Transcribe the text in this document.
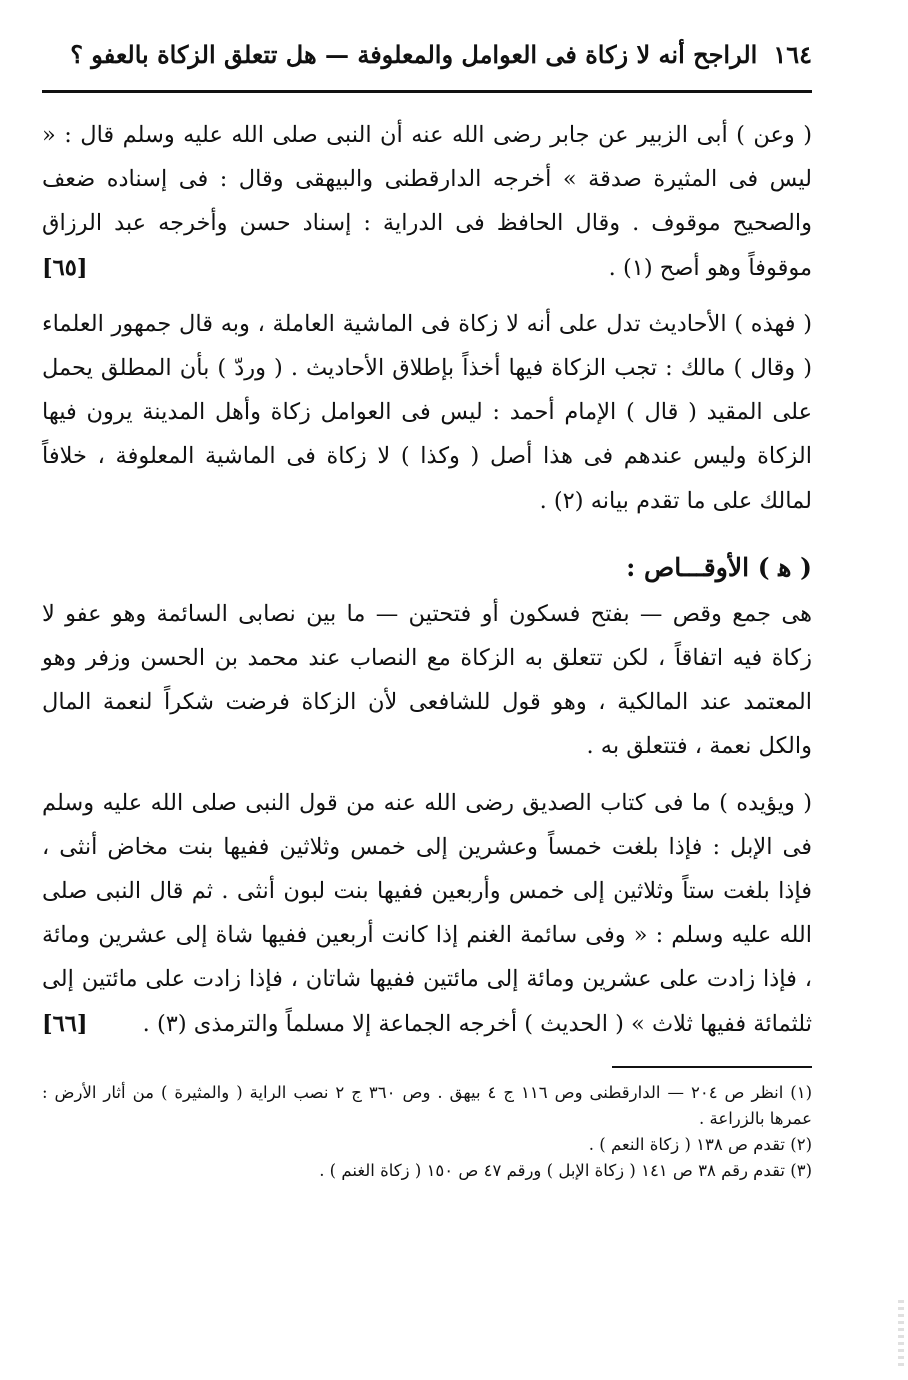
١٦٤
الراجح أنه لا زكاة فى العوامل والمعلوفة — هل تتعلق الزكاة بالعفو ؟

( وعن ) أبى الزبير عن جابر رضى الله عنه أن النبى صلى الله عليه وسلم قال : « ليس فى المثيرة صدقة » أخرجه الدارقطنى والبيهقى وقال : فى إسناده ضعف والصحيح موقوف . وقال الحافظ فى الدراية : إسناد حسن وأخرجه عبد الرزاق موقوفاً وهو أصح (١) .
[٦٥]

( فهذه ) الأحاديث تدل على أنه لا زكاة فى الماشية العاملة ، وبه قال جمهور العلماء ( وقال ) مالك : تجب الزكاة فيها أخذاً بإطلاق الأحاديث . ( وردّ ) بأن المطلق يحمل على المقيد ( قال ) الإمام أحمد : ليس فى العوامل زكاة وأهل المدينة يرون فيها الزكاة وليس عندهم فى هذا أصل ( وكذا ) لا زكاة فى الماشية المعلوفة ، خلافاً لمالك على ما تقدم بيانه (٢) .

( ﻫ ) الأوقـــاص :

هى جمع وقص — بفتح فسكون أو فتحتين — ما بين نصابى السائمة وهو عفو لا زكاة فيه اتفاقاً ، لكن تتعلق به الزكاة مع النصاب عند محمد بن الحسن وزفر وهو المعتمد عند المالكية ، وهو قول للشافعى لأن الزكاة فرضت شكراً لنعمة المال والكل نعمة ، فتتعلق به .

( ويؤيده ) ما فى كتاب الصديق رضى الله عنه من قول النبى صلى الله عليه وسلم فى الإبل : فإذا بلغت خمساً وعشرين إلى خمس وثلاثين ففيها بنت مخاض أنثى ، فإذا بلغت ستاً وثلاثين إلى خمس وأربعين ففيها بنت لبون أنثى . ثم قال النبى صلى الله عليه وسلم : « وفى سائمة الغنم إذا كانت أربعين ففيها شاة إلى عشرين ومائة ، فإذا زادت على عشرين ومائة إلى مائتين ففيها شاتان ، فإذا زادت على مائتين إلى ثلثمائة ففيها ثلاث » ( الحديث ) أخرجه الجماعة إلا مسلماً والترمذى (٣) .
[٦٦]

(١) انظر ص ٢٠٤ — الدارقطنى وص ١١٦ ج ٤ بيهق . وص ٣٦٠ ج ٢ نصب الراية ( والمثيرة ) من أثار الأرض : عمرها بالزراعة .

(٢) تقدم ص ١٣٨ ( زكاة النعم ) .

(٣) تقدم رقم ٣٨ ص ١٤١ ( زكاة الإبل ) ورقم ٤٧ ص ١٥٠ ( زكاة الغنم ) .
